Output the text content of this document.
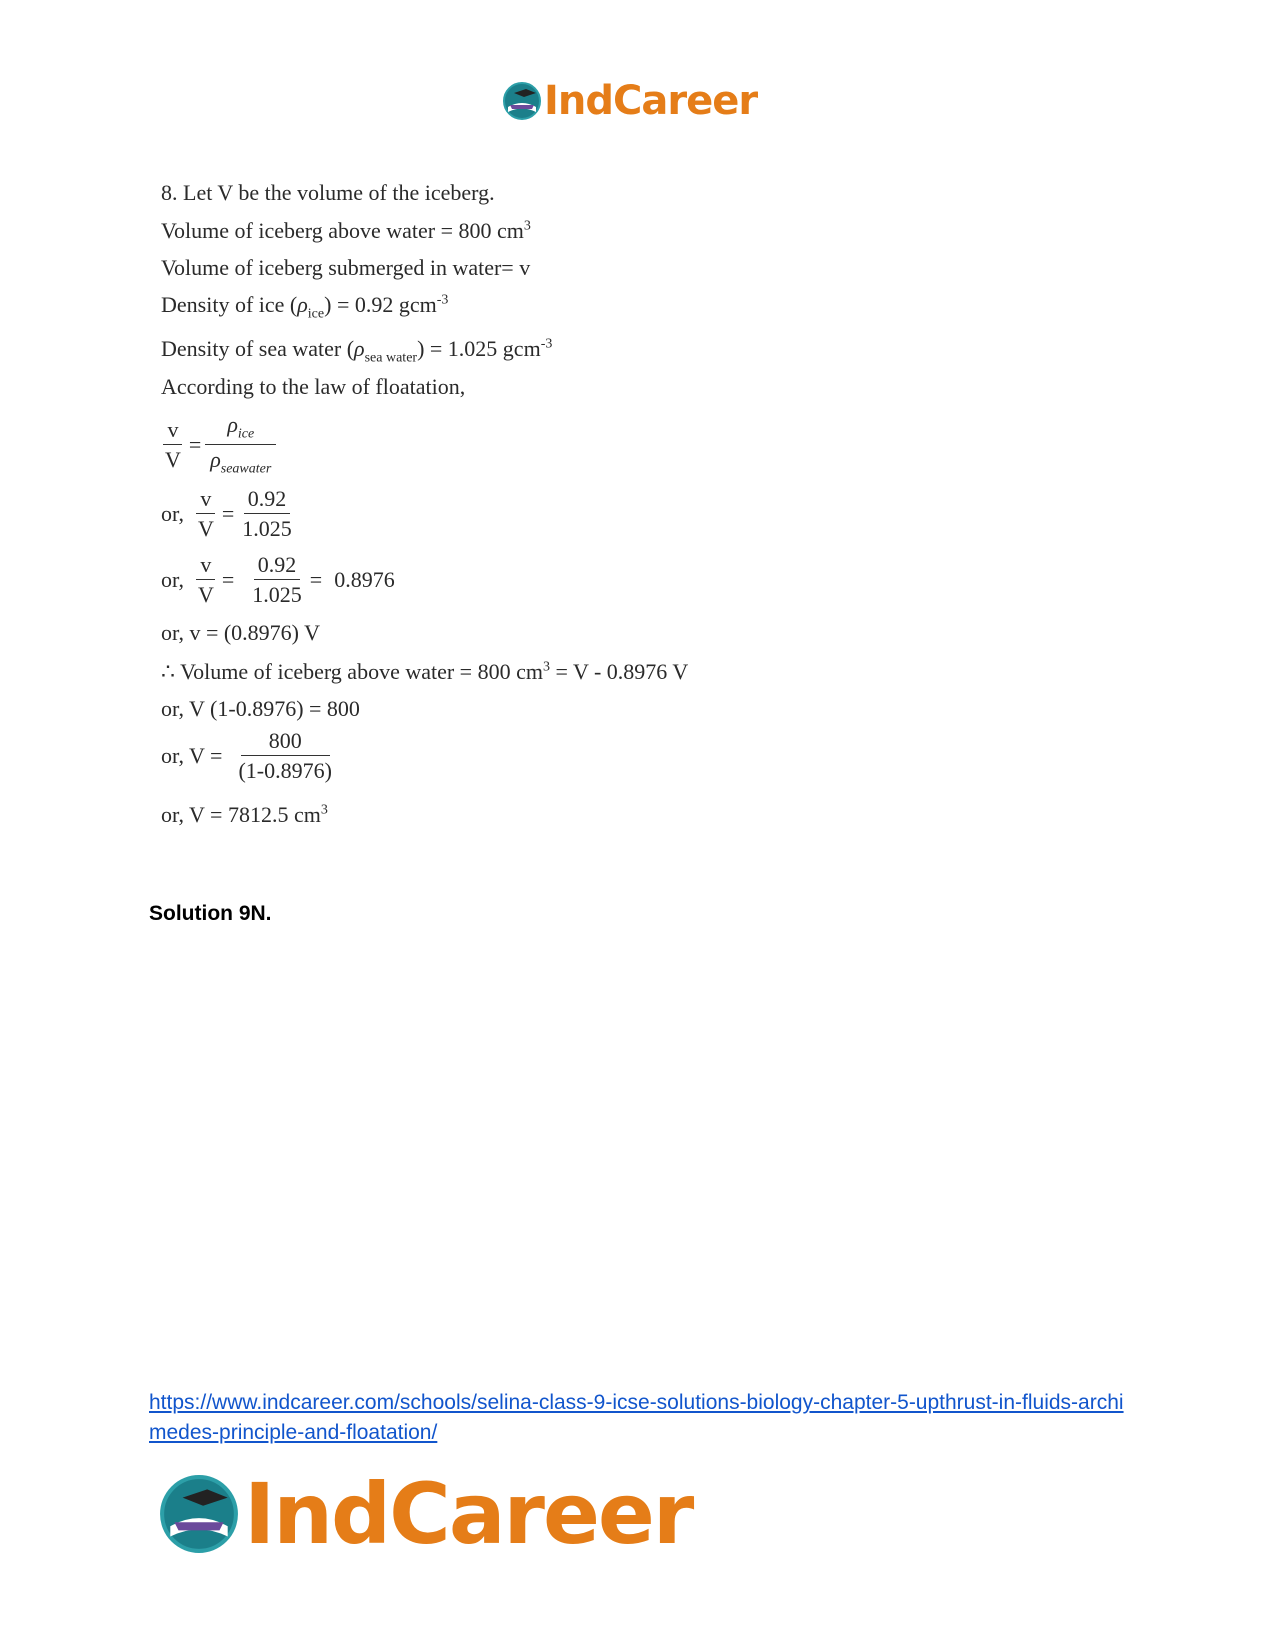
IndCareer
8. Let V be the volume of the iceberg.
Volume of iceberg above water = 800 $cm^3$
Volume of iceberg submerged in water= v
Density of ice $(\rho_{ice}) = 0.92$ gcm$^{-3}$
Density of sea water $(\rho_{sea water}) = 1.025$ gcm$^{-3}$
According to the law of floatation,
$\frac{v}{V} = \frac{\rho_{ice}}{\rho_{seawater}}$
or, $\frac{v}{V} = \frac{0.92}{1.025}$
or, $\frac{v}{V} = \frac{0.92}{1.025} = 0.8976$
or, v = (0.8976) V
∴ Volume of iceberg above water = 800 $cm^3 = V - 0.8976$ V
or, V (1-0.8976) = 800
or, $V = \frac{800}{(1-0.8976)}$
or, V = 7812.5 $cm^3$
Solution 9N.
https://www.indcareer.com/schools/selina-class-9-icse-solutions-biology-chapter-5-upthrust-in-fluids-archimedes-principle-and-floatation/
IndCareer
